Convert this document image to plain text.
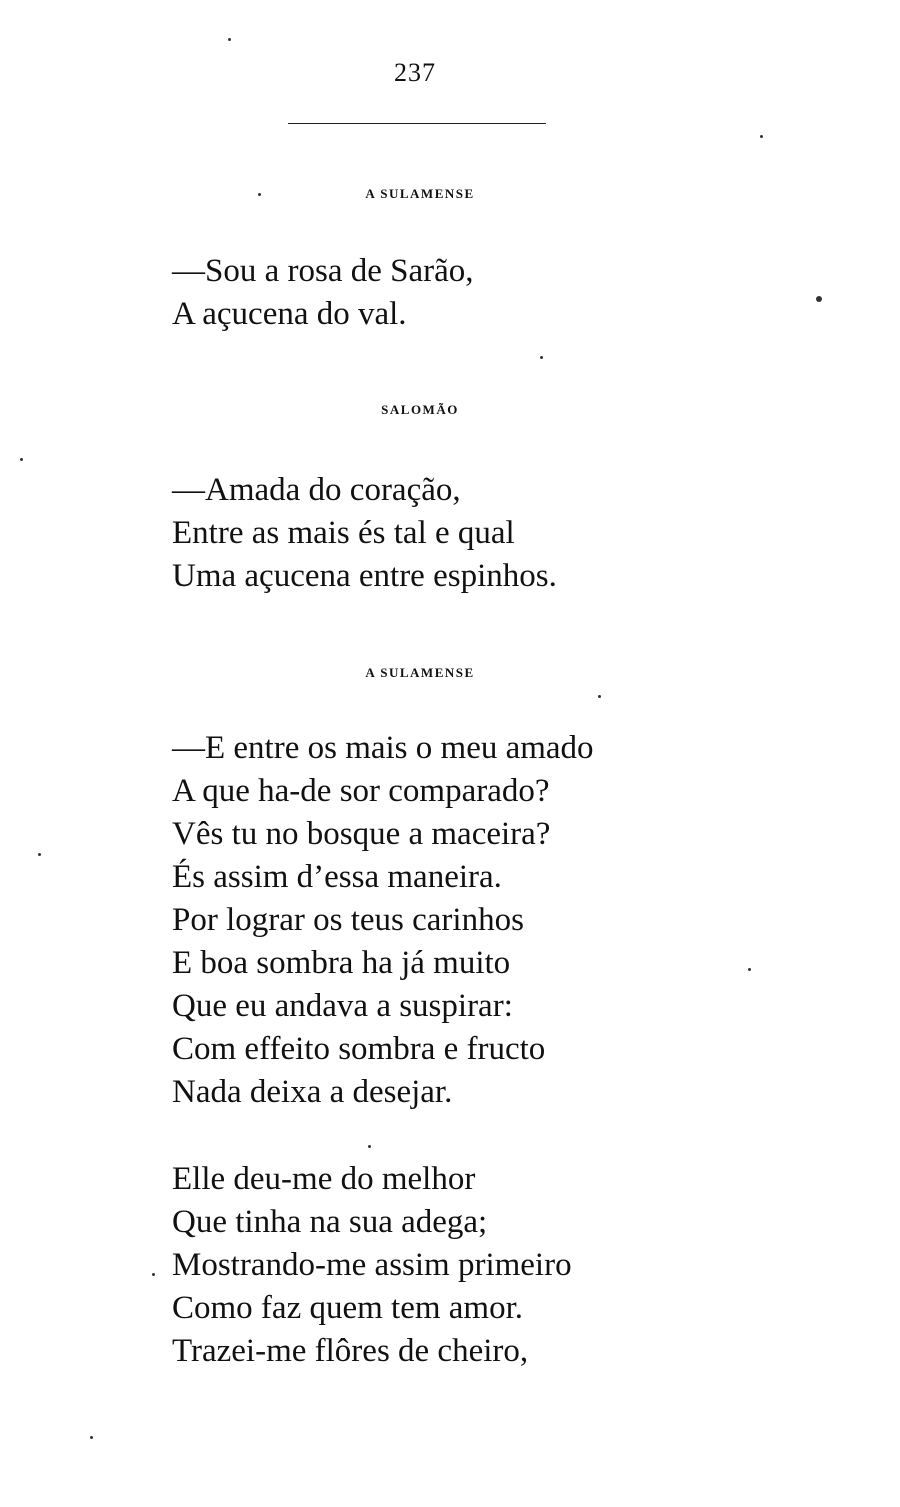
237
A SULAMENSE
—Sou a rosa de Sarão,
A açucena do val.
SALOMÃO
—Amada do coração,
Entre as mais és tal e qual
Uma açucena entre espinhos.
A SULAMENSE
—E entre os mais o meu amado
A que ha-de sor comparado?
Vês tu no bosque a maceira?
És assim d’essa maneira.
Por lograr os teus carinhos
E boa sombra ha já muito
Que eu andava a suspirar:
Com effeito sombra e fructo
Nada deixa a desejar.
Elle deu-me do melhor
Que tinha na sua adega;
Mostrando-me assim primeiro
Como faz quem tem amor.
Trazei-me flôres de cheiro,
